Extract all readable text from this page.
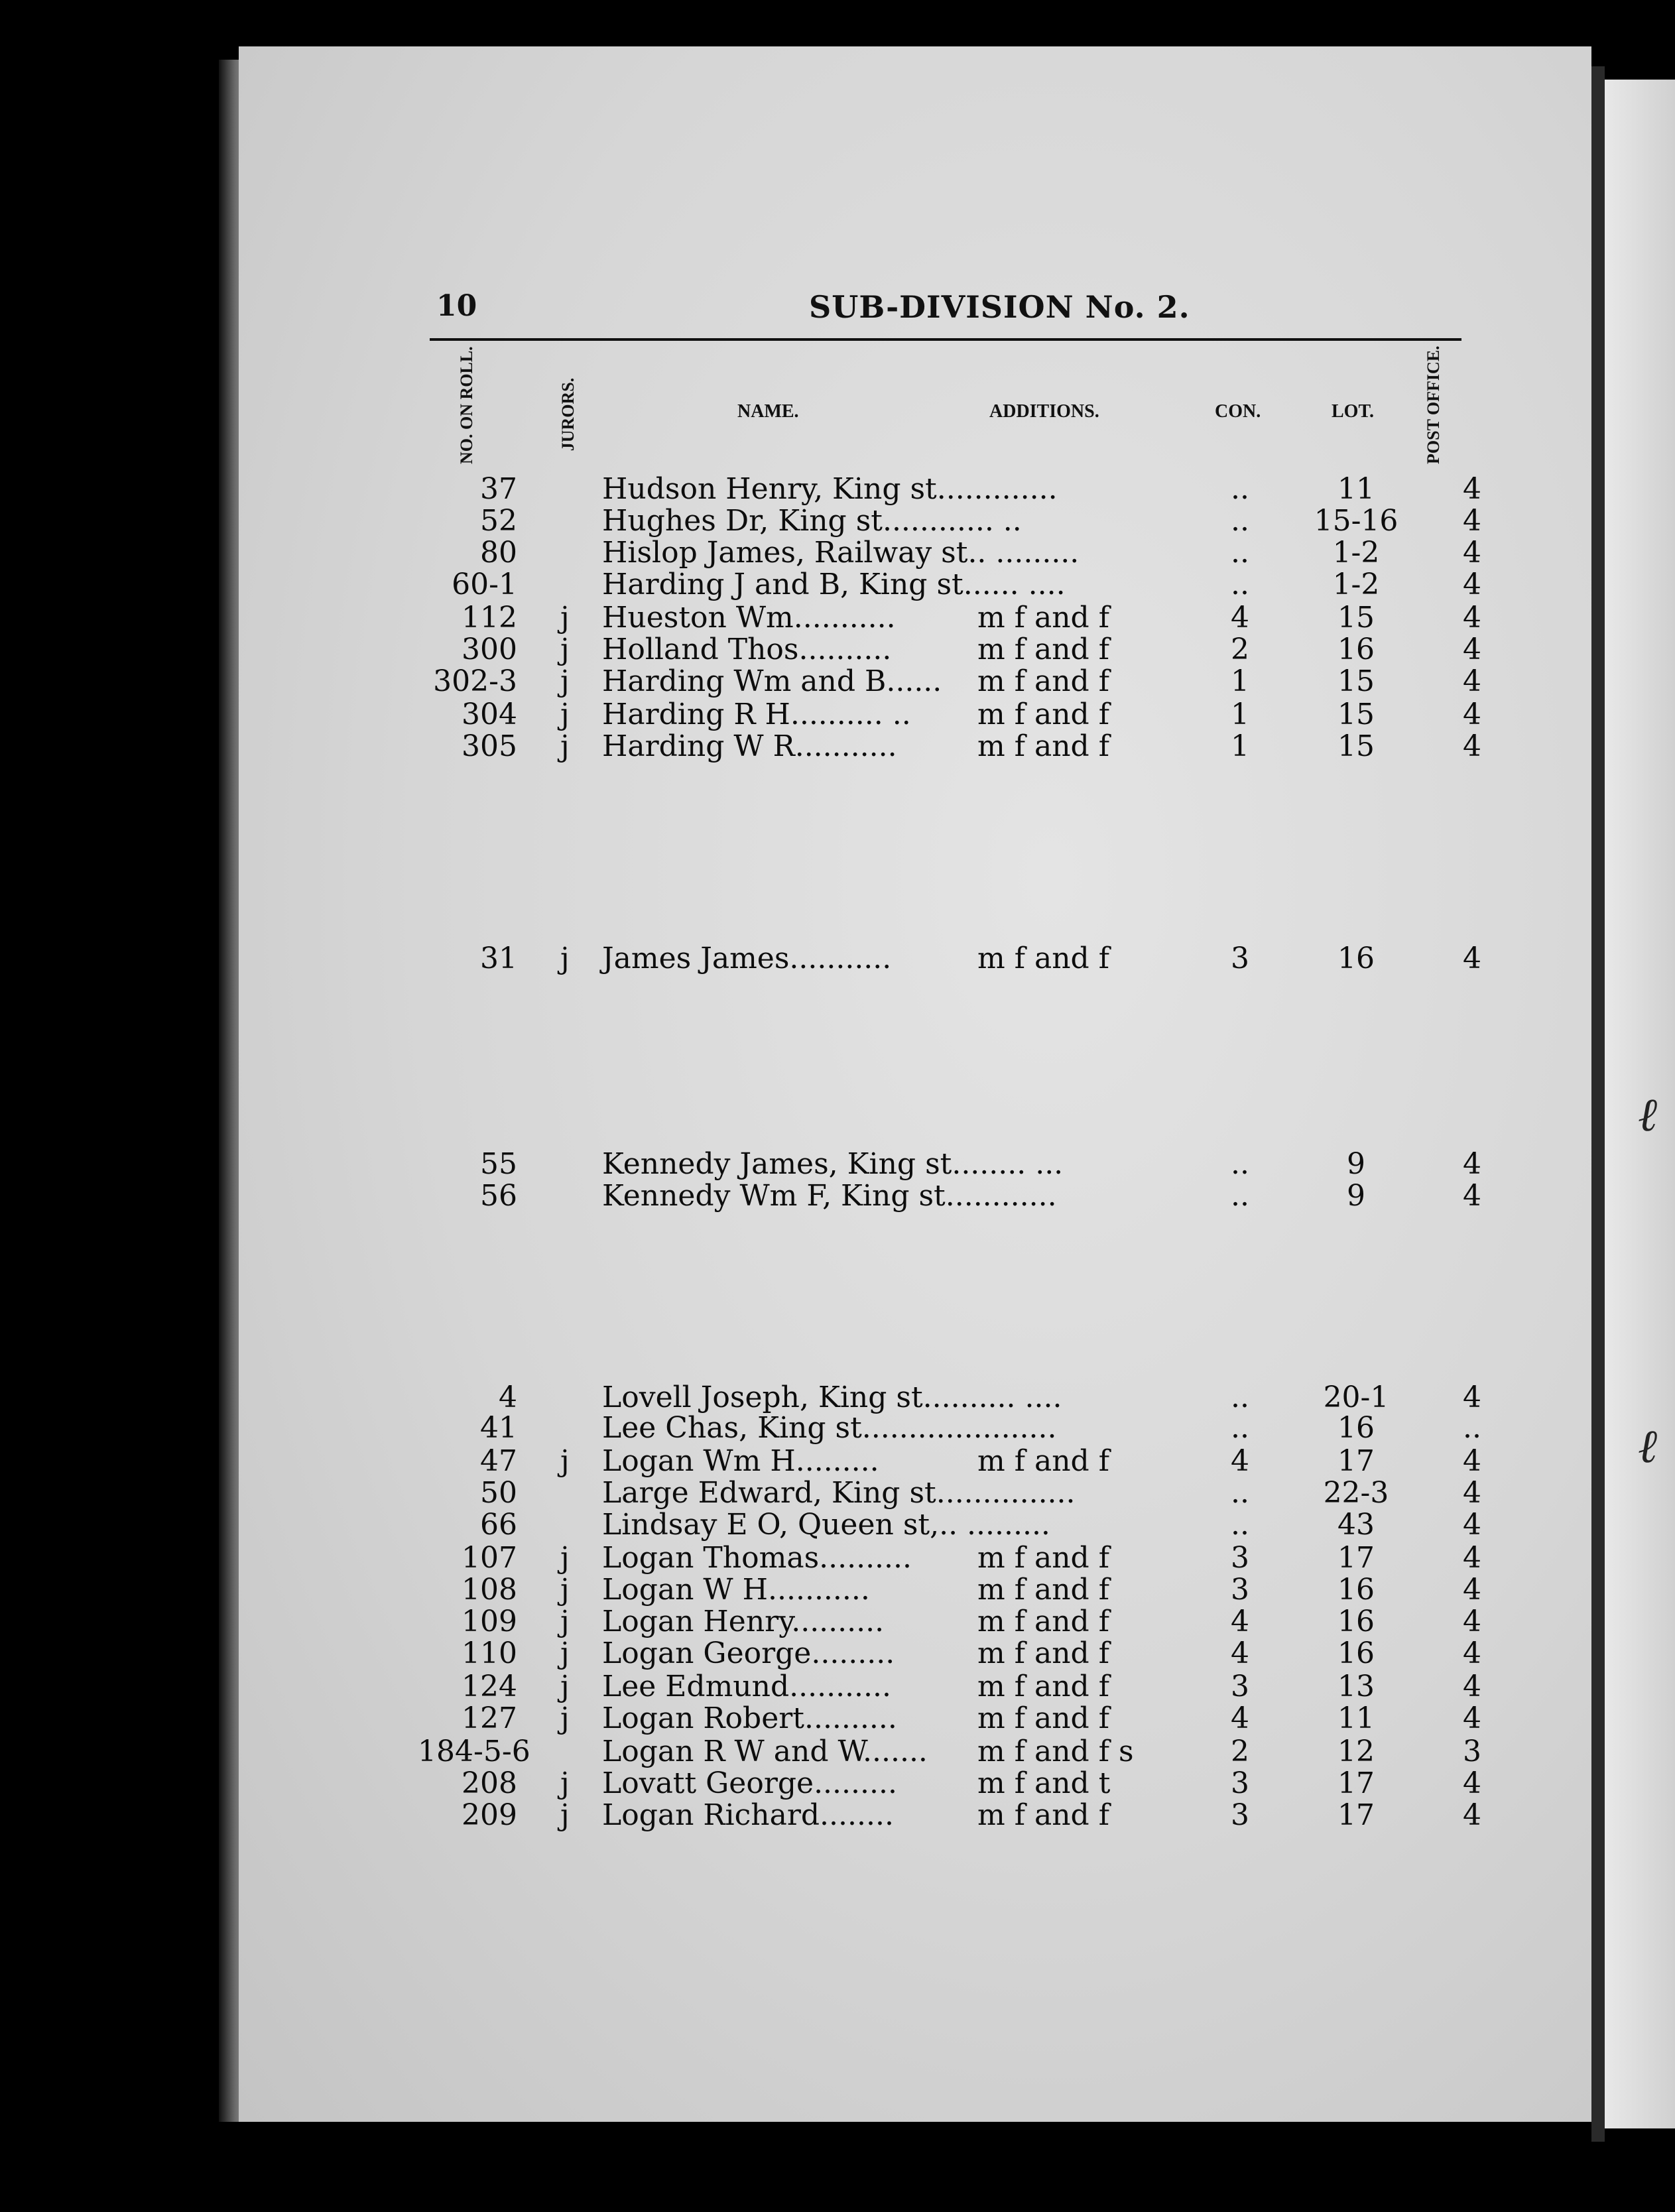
ℓ
ℓ
10	SUB-DIVISION No. 2.
NO. ON ROLL.	JURORS.	NAME.	ADDITIONS.	CON.	LOT.	POST OFFICE.
37	Hudson Henry, King st.............	..	11	4
52	Hughes Dr, King st............ ..	..	15-16	4
80	Hislop James, Railway st.. .........	..	1-2	4
60-1	Harding J and B, King st...... ....	..	1-2	4
112 j Hueston Wm...........	m f and f	4	15	4
300 j Holland Thos..........	m f and f	2	16	4
302-3 j Harding Wm and B...... m f and f	1	15	4
304 j Harding R H.......... .. m f and f	1	15	4
305 j Harding W R...........	m f and f	1	15	4
31 j James James...........	m f and f	3	16	4
55	Kennedy James, King st........ ...	..	9	4
56	Kennedy Wm F, King st............	..	9	4
4	Lovell Joseph, King st.......... ....	..	20-1	4
41	Lee Chas, King st.....................	..	16	..
47 j Logan Wm H.........	m f and f	4	17	4
50	Large Edward, King st...............	..	22-3	4
66	Lindsay E O, Queen st,.. .........	..	43	4
107 j Logan Thomas.......... m f and f	3	17	4
108 j Logan W H...........	m f and f	3	16	4
109 j Logan Henry..........	m f and f	4	16	4
110 j Logan George.........	m f and f	4	16	4
124 j Lee Edmund...........	m f and f	3	13	4
127 j Logan Robert..........	m f and f	4	11	4
184-5-6 Logan R W and W....... m f and f s	2	12	3
208 j Lovatt George.........	m f and t	3	17	4
209 j Logan Richard........	m f and f	3	17	4
